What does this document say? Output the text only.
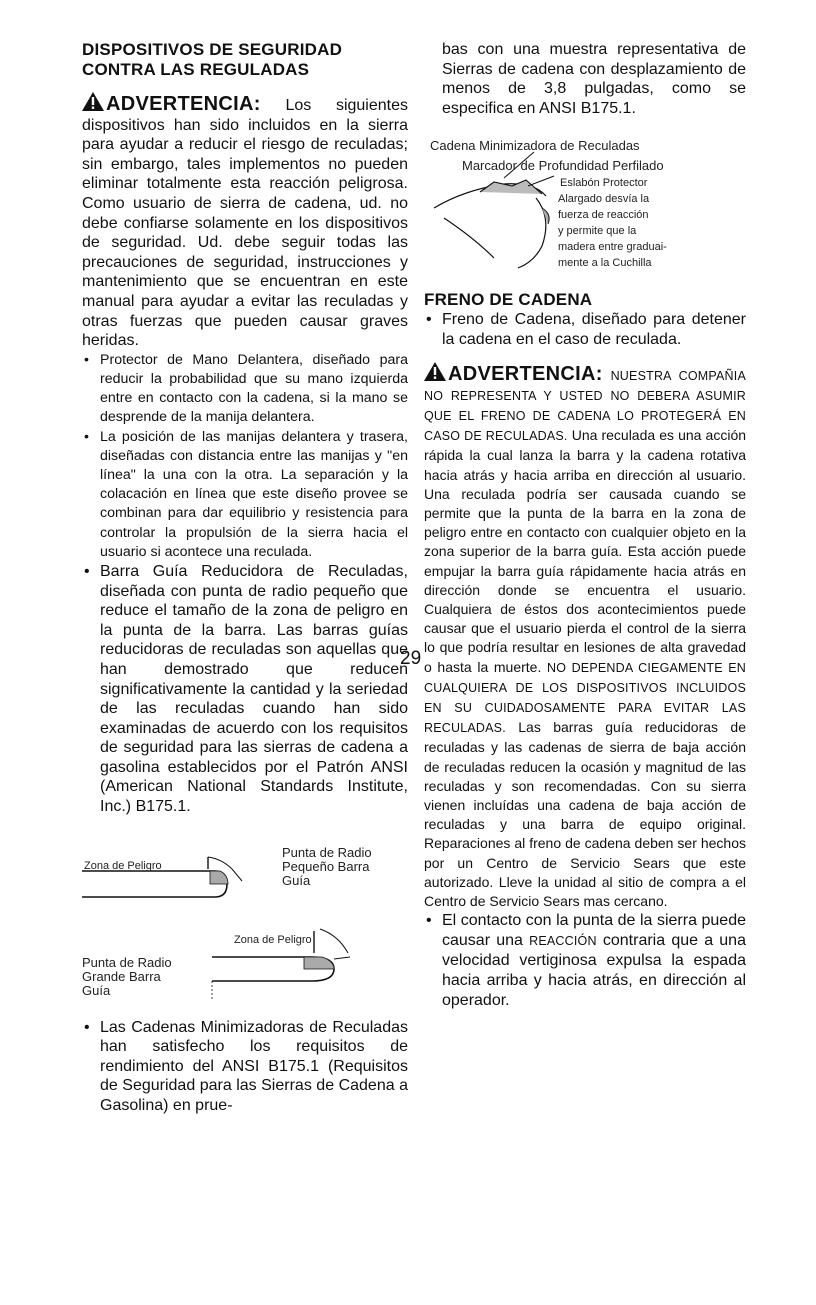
DISPOSITIVOS DE SEGURIDAD

CONTRA LAS REGULADAS

ADVERTENCIA: Los siguientes dispositivos han sido incluidos en la sierra para ayudar a reducir el riesgo de reculadas; sin embargo, tales implementos no pueden eliminar totalmente esta reacción peligrosa. Como usuario de sierra de cadena, ud. no debe confiarse solamente en los dispositivos de seguridad. Ud. debe seguir todas las precauciones de seguridad, instrucciones y mantenimiento que se encuentran en este manual para ayudar a evitar las reculadas y otras fuerzas que pueden causar graves heridas.

• Protector de Mano Delantera, diseñado para reducir la probabilidad que su mano izquierda entre en contacto con la cadena, si la mano se desprende de la manija delantera.
• La posición de las manijas delantera y trasera, diseñadas con distancia entre las manijas y "en línea" la una con la otra. La separación y la colacación en línea que este diseño provee se combinan para dar equilibrio y resistencia para controlar la propulsión de la sierra hacia el usuario si acontece una reculada.
• Barra Guía Reducidora de Reculadas, diseñada con punta de radio pequeño que reduce el tamaño de la zona de peligro en la punta de la barra. Las barras guías reducidoras de reculadas son aquellas que han demostrado que reducen significativamente la cantidad y la seriedad de las reculadas cuando han sido examinadas de acuerdo con los requisitos de seguridad para las sierras de cadena a gasolina establecidos por el Patrón ANSI (American National Standards Institute, Inc.) B175.1.
Zona de Peligro
Punta de Radio
Pequeño Barra
Guía
Zona de Peligro
Punta de Radio
Grande Barra
Guía
• Las Cadenas Minimizadoras de Reculadas han satisfecho los requisitos de rendimiento del ANSI B175.1 (Requisitos de Seguridad para las Sierras de Cadena a Gasolina) en prue-

bas con una muestra representativa de Sierras de cadena con desplazamiento de menos de 3,8 pulgadas, como se especifica en ANSI B175.1.

Cadena Minimizadora de Reculadas
Marcador de Profundidad Perfilado
Eslabón Protector
Alargado desvía la
fuerza de reacción
y permite que la
madera entre graduai-
mente a la Cuchilla

FRENO DE CADENA

• Freno de Cadena, diseñado para detener la cadena en el caso de reculada.

ADVERTENCIA: NUESTRA COMPAÑIA NO REPRESENTA Y USTED NO DEBERA ASUMIR QUE EL FRENO DE CADENA LO PROTEGERÁ EN CASO DE RECULADAS. Una reculada es una acción rápida la cual lanza la barra y la cadena rotativa hacia atrás y hacia arriba en dirección al usuario. Una reculada podría ser causada cuando se permite que la punta de la barra en la zona de peligro entre en contacto con cualquier objeto en la zona superior de la barra guía. Esta acción puede empujar la barra guía rápidamente hacia atrás en dirección donde se encuentra el usuario. Cualquiera de éstos dos acontecimientos puede causar que el usuario pierda el control de la sierra lo que podría resultar en lesiones de alta gravedad o hasta la muerte. NO DEPENDA CIEGAMENTE EN CUALQUIERA DE LOS DISPOSITIVOS INCLUIDOS EN SU CUIDADOSAMENTE PARA EVITAR LAS RECULADAS. Las barras guía reducidoras de reculadas y las cadenas de sierra de baja acción de reculadas reducen la ocasión y magnitud de las reculadas y son recomendadas. Con su sierra vienen incluídas una cadena de baja acción de reculadas y una barra de equipo original. Reparaciones al freno de cadena deben ser hechos por un Centro de Servicio Sears que este autorizado. Lleve la unidad al sitio de compra a el Centro de Servicio Sears mas cercano.

• El contacto con la punta de la sierra puede causar una REACCIÓN contraria que a una velocidad vertiginosa expulsa la espada hacia arriba y hacia atrás, en dirección al operador.
29
